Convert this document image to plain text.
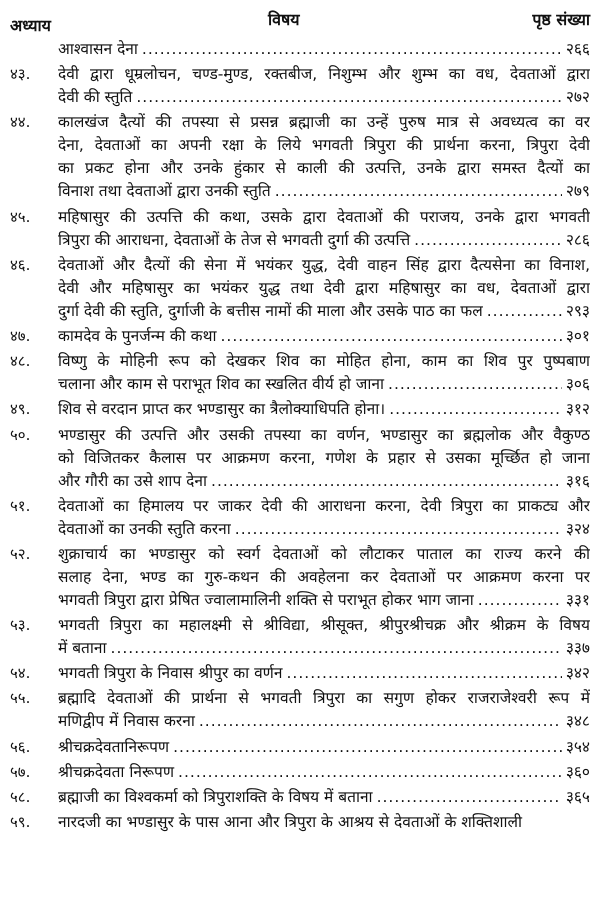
अध्याय	विषय	पृष्ठ संख्या
आश्वासन देना .....	२६६
४३. देवी द्वारा धूम्रलोचन, चण्ड-मुण्ड, रक्तबीज, निशुम्भ और शुम्भ का वध, देवताओं द्वारा
देवी की स्तुति .....	२७२
४४. कालखंज दैत्यों की तपस्या से प्रसन्न ब्रह्माजी का उन्हें पुरुष मात्र से अवध्यत्व का वर
देना, देवताओं का अपनी रक्षा के लिये भगवती त्रिपुरा की प्रार्थना करना, त्रिपुरा देवी
का प्रकट होना और उनके हुंकार से काली की उत्पत्ति, उनके द्वारा समस्त दैत्यों का
विनाश तथा देवताओं द्वारा उनकी स्तुति .....	२७९
४५. महिषासुर की उत्पत्ति की कथा, उसके द्वारा देवताओं की पराजय, उनके द्वारा भगवती
त्रिपुरा की आराधना, देवताओं के तेज से भगवती दुर्गा की उत्पत्ति .....	२८६
४६. देवताओं और दैत्यों की सेना में भयंकर युद्ध, देवी वाहन सिंह द्वारा दैत्यसेना का विनाश,
देवी और महिषासुर का भयंकर युद्ध तथा देवी द्वारा महिषासुर का वध, देवताओं द्वारा
दुर्गा देवी की स्तुति, दुर्गाजी के बत्तीस नामों की माला और उसके पाठ का फल .....	२९३
४७. कामदेव के पुनर्जन्म की कथा .....	३०१
४८. विष्णु के मोहिनी रूप को देखकर शिव का मोहित होना, काम का शिव पुर पुष्पबाण
चलाना और काम से पराभूत शिव का स्खलित वीर्य हो जाना .....	३०६
४९. शिव से वरदान प्राप्त कर भण्डासुर का त्रैलोक्याधिपति होना। .....	३१२
५०. भण्डासुर की उत्पत्ति और उसकी तपस्या का वर्णन, भण्डासुर का ब्रह्मलोक और वैकुण्ठ
को विजितकर कैलास पर आक्रमण करना, गणेश के प्रहार से उसका मूर्च्छित हो जाना
और गौरी का उसे शाप देना .....	३१६
५१. देवताओं का हिमालय पर जाकर देवी की आराधना करना, देवी त्रिपुरा का प्राकट्य और
देवताओं का उनकी स्तुति करना .....	३२४
५२. शुक्राचार्य का भण्डासुर को स्वर्ग देवताओं को लौटाकर पाताल का राज्य करने की
सलाह देना, भण्ड का गुरु-कथन की अवहेलना कर देवताओं पर आक्रमण करना पर
भगवती त्रिपुरा द्वारा प्रेषित ज्वालामालिनी शक्ति से पराभूत होकर भाग जाना .....	३३१
५३. भगवती त्रिपुरा का महालक्ष्मी से श्रीविद्या, श्रीसूक्त, श्रीपुरश्रीचक्र और श्रीक्रम के विषय
में बताना .....	३३७
५४. भगवती त्रिपुरा के निवास श्रीपुर का वर्णन .....	३४२
५५. ब्रह्मादि देवताओं की प्रार्थना से भगवती त्रिपुरा का सगुण होकर राजराजेश्वरी रूप में
मणिद्वीप में निवास करना .....	३४८
५६. श्रीचक्रदेवतानिरूपण .....	३५४
५७. श्रीचक्रदेवता निरूपण .....	३६०
५८. ब्रह्माजी का विश्वकर्मा को त्रिपुराशक्ति के विषय में बताना .....	३६५
५९. नारदजी का भण्डासुर के पास आना और त्रिपुरा के आश्रय से देवताओं के शक्तिशाली
